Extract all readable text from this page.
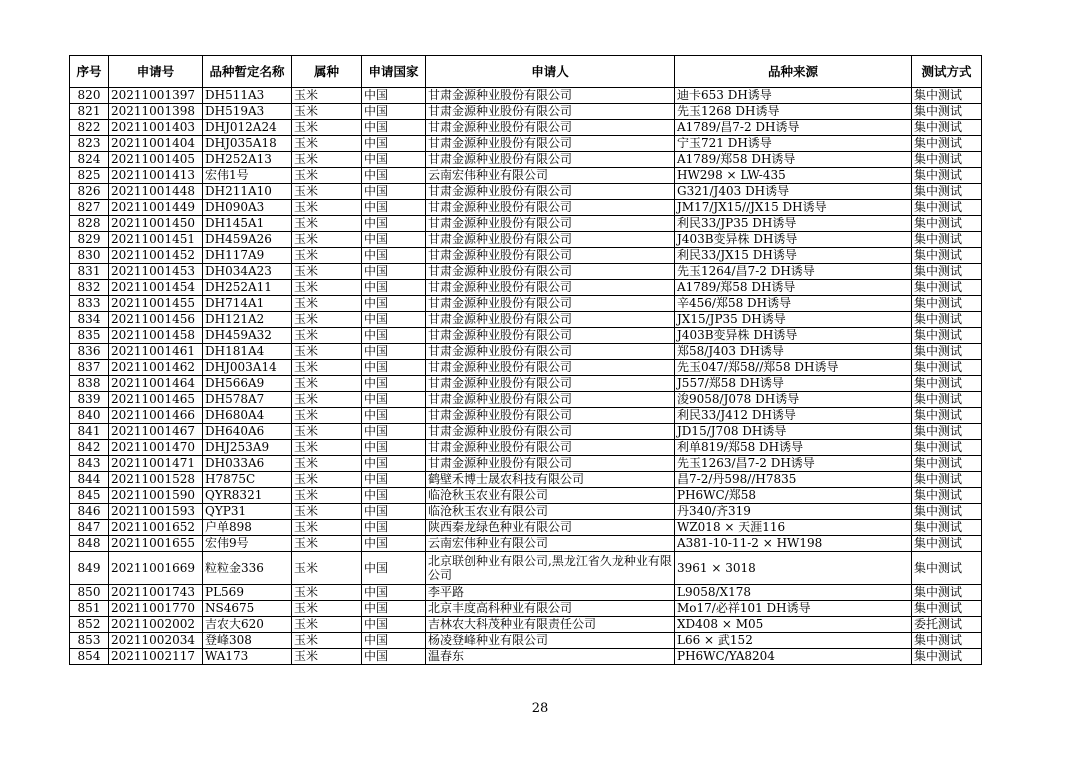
序号	申请号	品种暂定名称	属种	申请国家	申请人	品种来源	测试方式
820	20211001397	DH511A3	玉米	中国	甘肃金源种业股份有限公司	迪卡653 DH诱导	集中测试
821	20211001398	DH519A3	玉米	中国	甘肃金源种业股份有限公司	先玉1268 DH诱导	集中测试
822	20211001403	DHJ012A24	玉米	中国	甘肃金源种业股份有限公司	A1789/昌7-2 DH诱导	集中测试
823	20211001404	DHJ035A18	玉米	中国	甘肃金源种业股份有限公司	宁玉721 DH诱导	集中测试
824	20211001405	DH252A13	玉米	中国	甘肃金源种业股份有限公司	A1789/郑58 DH诱导	集中测试
825	20211001413	宏伟1号	玉米	中国	云南宏伟种业有限公司	HW298 × LW-435	集中测试
826	20211001448	DH211A10	玉米	中国	甘肃金源种业股份有限公司	G321/J403 DH诱导	集中测试
827	20211001449	DH090A3	玉米	中国	甘肃金源种业股份有限公司	JM17/JX15//JX15 DH诱导	集中测试
828	20211001450	DH145A1	玉米	中国	甘肃金源种业股份有限公司	利民33/JP35 DH诱导	集中测试
829	20211001451	DH459A26	玉米	中国	甘肃金源种业股份有限公司	J403B变异株 DH诱导	集中测试
830	20211001452	DH117A9	玉米	中国	甘肃金源种业股份有限公司	利民33/JX15 DH诱导	集中测试
831	20211001453	DH034A23	玉米	中国	甘肃金源种业股份有限公司	先玉1264/昌7-2 DH诱导	集中测试
832	20211001454	DH252A11	玉米	中国	甘肃金源种业股份有限公司	A1789/郑58 DH诱导	集中测试
833	20211001455	DH714A1	玉米	中国	甘肃金源种业股份有限公司	辛456/郑58 DH诱导	集中测试
834	20211001456	DH121A2	玉米	中国	甘肃金源种业股份有限公司	JX15/JP35 DH诱导	集中测试
835	20211001458	DH459A32	玉米	中国	甘肃金源种业股份有限公司	J403B变异株 DH诱导	集中测试
836	20211001461	DH181A4	玉米	中国	甘肃金源种业股份有限公司	郑58/J403 DH诱导	集中测试
837	20211001462	DHJ003A14	玉米	中国	甘肃金源种业股份有限公司	先玉047/郑58//郑58 DH诱导	集中测试
838	20211001464	DH566A9	玉米	中国	甘肃金源种业股份有限公司	J557/郑58 DH诱导	集中测试
839	20211001465	DH578A7	玉米	中国	甘肃金源种业股份有限公司	浚9058/J078 DH诱导	集中测试
840	20211001466	DH680A4	玉米	中国	甘肃金源种业股份有限公司	利民33/J412 DH诱导	集中测试
841	20211001467	DH640A6	玉米	中国	甘肃金源种业股份有限公司	JD15/J708 DH诱导	集中测试
842	20211001470	DHJ253A9	玉米	中国	甘肃金源种业股份有限公司	利单819/郑58 DH诱导	集中测试
843	20211001471	DH033A6	玉米	中国	甘肃金源种业股份有限公司	先玉1263/昌7-2 DH诱导	集中测试
844	20211001528	H7875C	玉米	中国	鹤壁禾博士晟农科技有限公司	昌7-2/丹598//H7835	集中测试
845	20211001590	QYR8321	玉米	中国	临沧秋玉农业有限公司	PH6WC/郑58	集中测试
846	20211001593	QYP31	玉米	中国	临沧秋玉农业有限公司	丹340/齐319	集中测试
847	20211001652	户单898	玉米	中国	陕西秦龙绿色种业有限公司	WZ018 × 天涯116	集中测试
848	20211001655	宏伟9号	玉米	中国	云南宏伟种业有限公司	A381-10-11-2 × HW198	集中测试
849	20211001669	粒粒金336	玉米	中国	北京联创种业有限公司,黑龙江省久龙种业有限公司	3961 × 3018	集中测试
850	20211001743	PL569	玉米	中国	李平路	L9058/X178	集中测试
851	20211001770	NS4675	玉米	中国	北京丰度高科种业有限公司	Mo17/必祥101 DH诱导	集中测试
852	20211002002	吉农大620	玉米	中国	吉林农大科茂种业有限责任公司	XD408 × M05	委托测试
853	20211002034	登峰308	玉米	中国	杨凌登峰种业有限公司	L66 × 武152	集中测试
854	20211002117	WA173	玉米	中国	温春东	PH6WC/YA8204	集中测试
28
